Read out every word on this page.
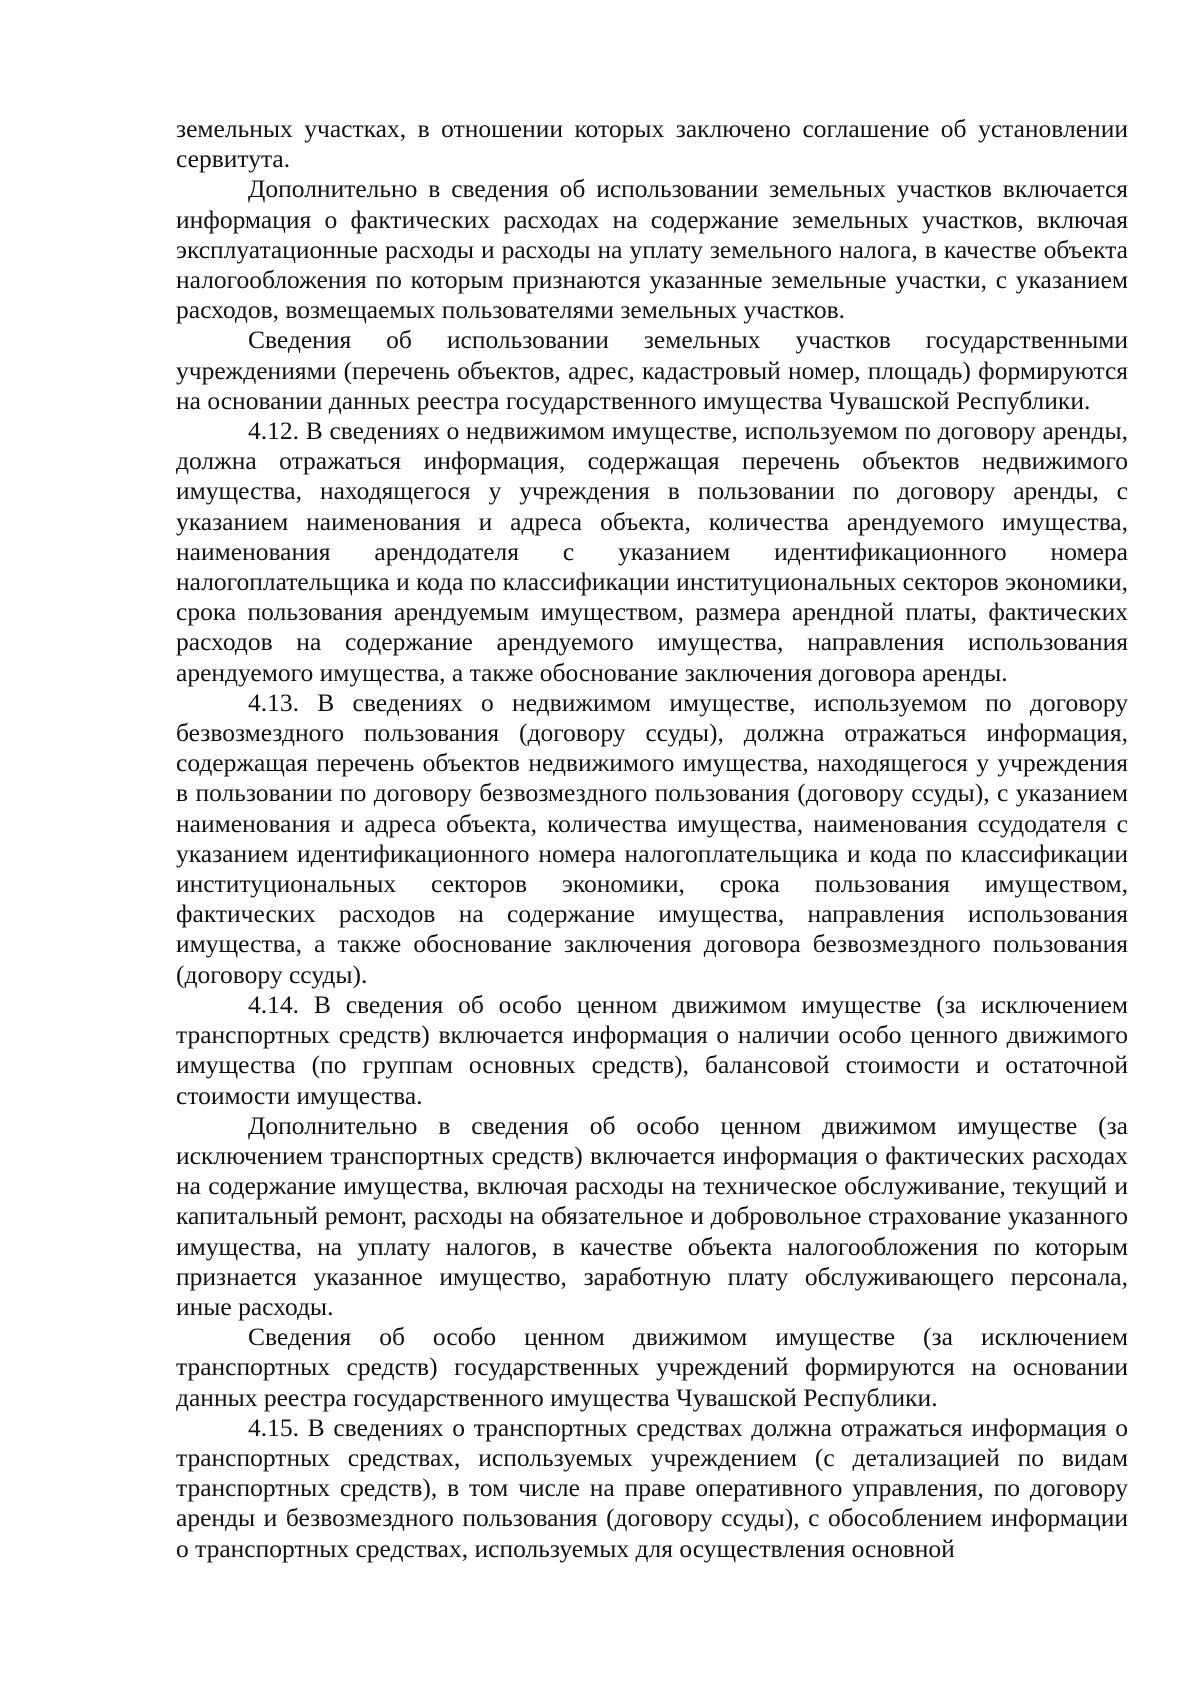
земельных участках, в отношении которых заключено соглашение об установлении сервитута.

Дополнительно в сведения об использовании земельных участков включается информация о фактических расходах на содержание земельных участков, включая эксплуатационные расходы и расходы на уплату земельного налога, в качестве объекта налогообложения по которым признаются указанные земельные участки, с указанием расходов, возмещаемых пользователями земельных участков.

Сведения об использовании земельных участков государственными учреждениями (перечень объектов, адрес, кадастровый номер, площадь) формируются на основании данных реестра государственного имущества Чувашской Республики.

4.12. В сведениях о недвижимом имуществе, используемом по договору аренды, должна отражаться информация, содержащая перечень объектов недвижимого имущества, находящегося у учреждения в пользовании по договору аренды, с указанием наименования и адреса объекта, количества арендуемого имущества, наименования арендодателя с указанием идентификационного номера налогоплательщика и кода по классификации институциональных секторов экономики, срока пользования арендуемым имуществом, размера арендной платы, фактических расходов на содержание арендуемого имущества, направления использования арендуемого имущества, а также обоснование заключения договора аренды.

4.13. В сведениях о недвижимом имуществе, используемом по договору безвозмездного пользования (договору ссуды), должна отражаться информация, содержащая перечень объектов недвижимого имущества, находящегося у учреждения в пользовании по договору безвозмездного пользования (договору ссуды), с указанием наименования и адреса объекта, количества имущества, наименования ссудодателя с указанием идентификационного номера налогоплательщика и кода по классификации институциональных секторов экономики, срока пользования имуществом, фактических расходов на содержание имущества, направления использования имущества, а также обоснование заключения договора безвозмездного пользования (договору ссуды).

4.14. В сведения об особо ценном движимом имуществе (за исключением транспортных средств) включается информация о наличии особо ценного движимого имущества (по группам основных средств), балансовой стоимости и остаточной стоимости имущества.

Дополнительно в сведения об особо ценном движимом имуществе (за исключением транспортных средств) включается информация о фактических расходах на содержание имущества, включая расходы на техническое обслуживание, текущий и капитальный ремонт, расходы на обязательное и добровольное страхование указанного имущества, на уплату налогов, в качестве объекта налогообложения по которым признается указанное имущество, заработную плату обслуживающего персонала, иные расходы.

Сведения об особо ценном движимом имуществе (за исключением транспортных средств) государственных учреждений формируются на основании данных реестра государственного имущества Чувашской Республики.

4.15. В сведениях о транспортных средствах должна отражаться информация о транспортных средствах, используемых учреждением (с детализацией по видам транспортных средств), в том числе на праве оперативного управления, по договору аренды и безвозмездного пользования (договору ссуды), с обособлением информации о транспортных средствах, используемых для осуществления основной
